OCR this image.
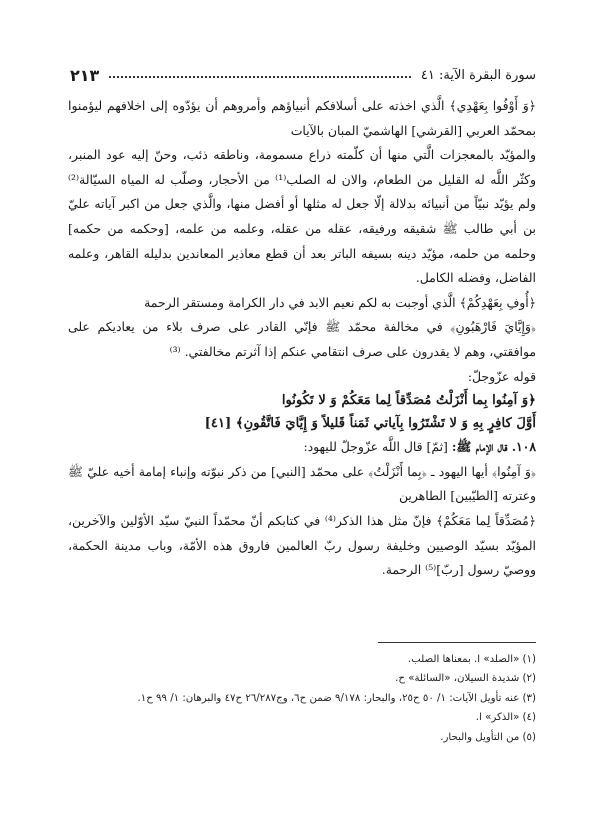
سورة البقرة الآية: ٤١
٢١٣

﴿وَ أَوْفُوا بِعَهْدِي﴾ الَّذي اخذته على أسلافكم أنبياؤهم وأمروهم أن يؤدّوه إلى اخلافهم ليؤمنوا بمحمّد العربي [القرشي] الهاشميّ المبان بالآيات

والمؤيّد بالمعجزات الَّتي منها أن كلّمته ذراع مسمومة، وناطقه ذئب، وحنّ إليه عود المنبر، وكثّر اللَّه له القليل من الطعام، والان له الصلب⁽¹⁾ من الأحجار، وصلّب له المياه السيّالة⁽²⁾ ولم يؤيّد نبيّاً من أنبيائه بدلالة إلّا جعل له مثلها أو أفضل منها، والَّذي جعل من اكبر آياته عليّ بن أبي طالب ﷺ شقيقه ورفيقه، عقله من عقله، وعلمه من علمه، [وحكمه من حكمه] وحلمه من حلمه، مؤيّد دينه بسيفه الباتر بعد أن قطع معاذير المعاندين بدليله القاهر، وعلمه الفاضل، وفضله الكامل.

﴿أُوفِ بِعَهْدِكُمْ﴾ الَّذي أوجبت به لكم نعيم الابد في دار الكرامة ومستقر الرحمة

﴿وَإِيَّايَ فَارْهَبُونِ﴾ في مخالفة محمّد ﷺ فإنّي القادر على صرف بلاء من يعاديكم على موافقتي، وهم لا يقدرون على صرف انتقامي عنكم إذا آثرتم مخالفتي. ⁽³⁾

قوله عزّوجلّ:

﴿وَ آمِنُوا بِما أَنْزَلْتُ مُصَدِّقاً لِما مَعَكُمْ وَ لا تَكُونُوا

أَوَّلَ كافِرٍ بِهِ وَ لا تَشْتَرُوا بِآياتي ثَمَناً قَليلاً وَ إِيَّايَ فَاتَّقُونِ﴾ [٤١]

١٠٨. قال الإمام ﷺ: [ثمّ] قال اللَّه عزّوجلّ لليهود:

﴿وَ آمِنُوا﴾ أيها اليهود ـ ﴿بِما أَنْزَلْتُ﴾ على محمّد [النبي] من ذكر نبوّته وإنباء إمامة أخيه عليّ ﷺ وعترته [الطيّبين] الطاهرين

﴿مُصَدِّقاً لِما مَعَكُمْ﴾ فإنّ مثل هذا الذكر⁽⁴⁾ في كتابكم أنّ محمّداً النبيّ سيّد الأوّلين والآخرين، المؤيّد بسيّد الوصيين وخليفة رسول ربّ العالمين فاروق هذه الأمّة، وباب مدينة الحكمة، ووصيّ رسول [ربّ]⁽⁵⁾ الرحمة.

(١) «الصلد» ا. بمعناها الصلب.

(٢) شديدة السيلان، «السائلة» ح.

(٣) عنه تأويل الآيات: ١/ ٥٠ ح٢٥، والبحار: ٩/١٧٨ ضمن ح٦، وج٢٦/٢٨٧ ح٤٧ والبرهان: ١/ ٩٩ ح١.

(٤) «الذكر» ا.

(٥) من التأويل والبحار.
